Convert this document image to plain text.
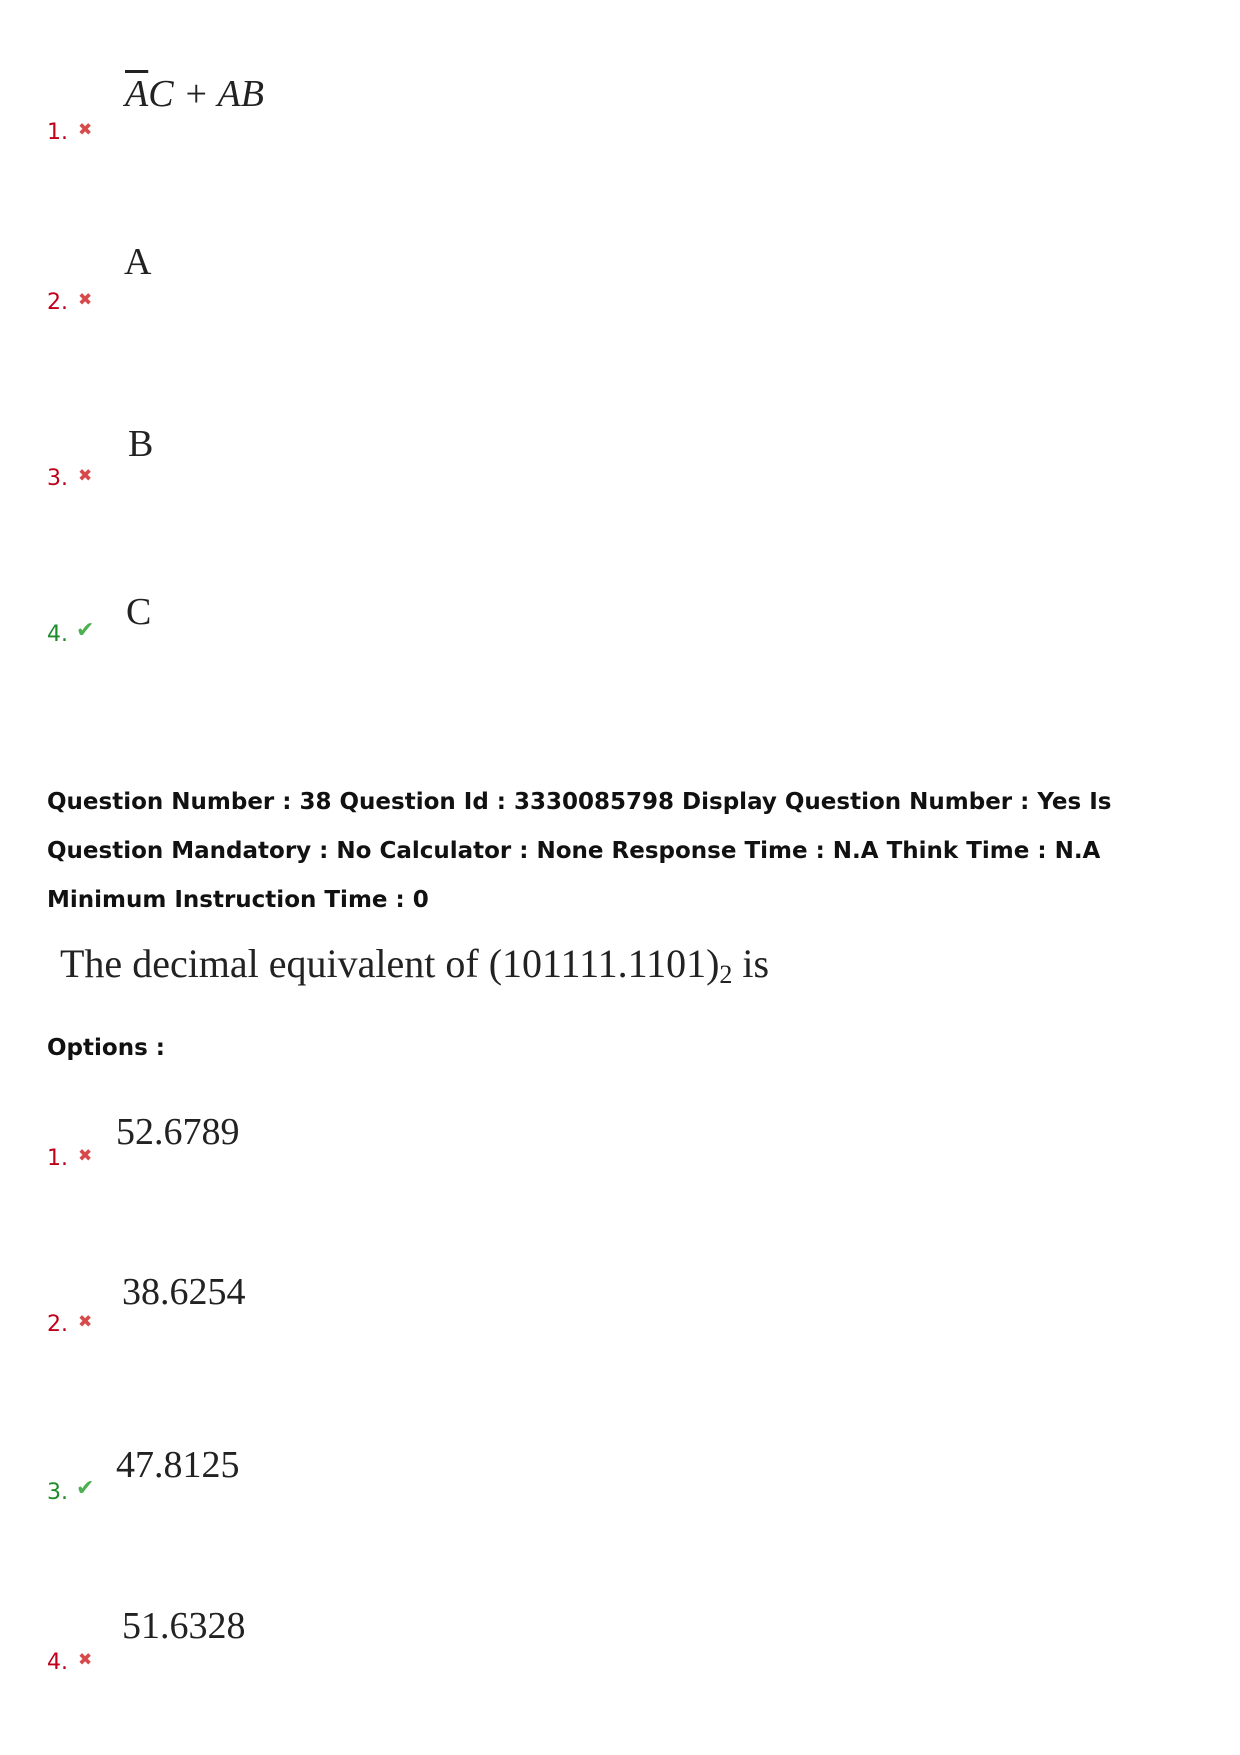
$\overline{A}C$ + AB
1. ✖
A
2. ✖
B
3. ✖
C
4. ✔
Question Number : 38 Question Id : 3330085798 Display Question Number : Yes Is Question Mandatory : No Calculator : None Response Time : N.A Think Time : N.A Minimum Instruction Time : 0
The decimal equivalent of $(101111.1101)_2$ is
Options :
52.6789
1. ✖
38.6254
2. ✖
47.8125
3. ✔
51.6328
4. ✖
